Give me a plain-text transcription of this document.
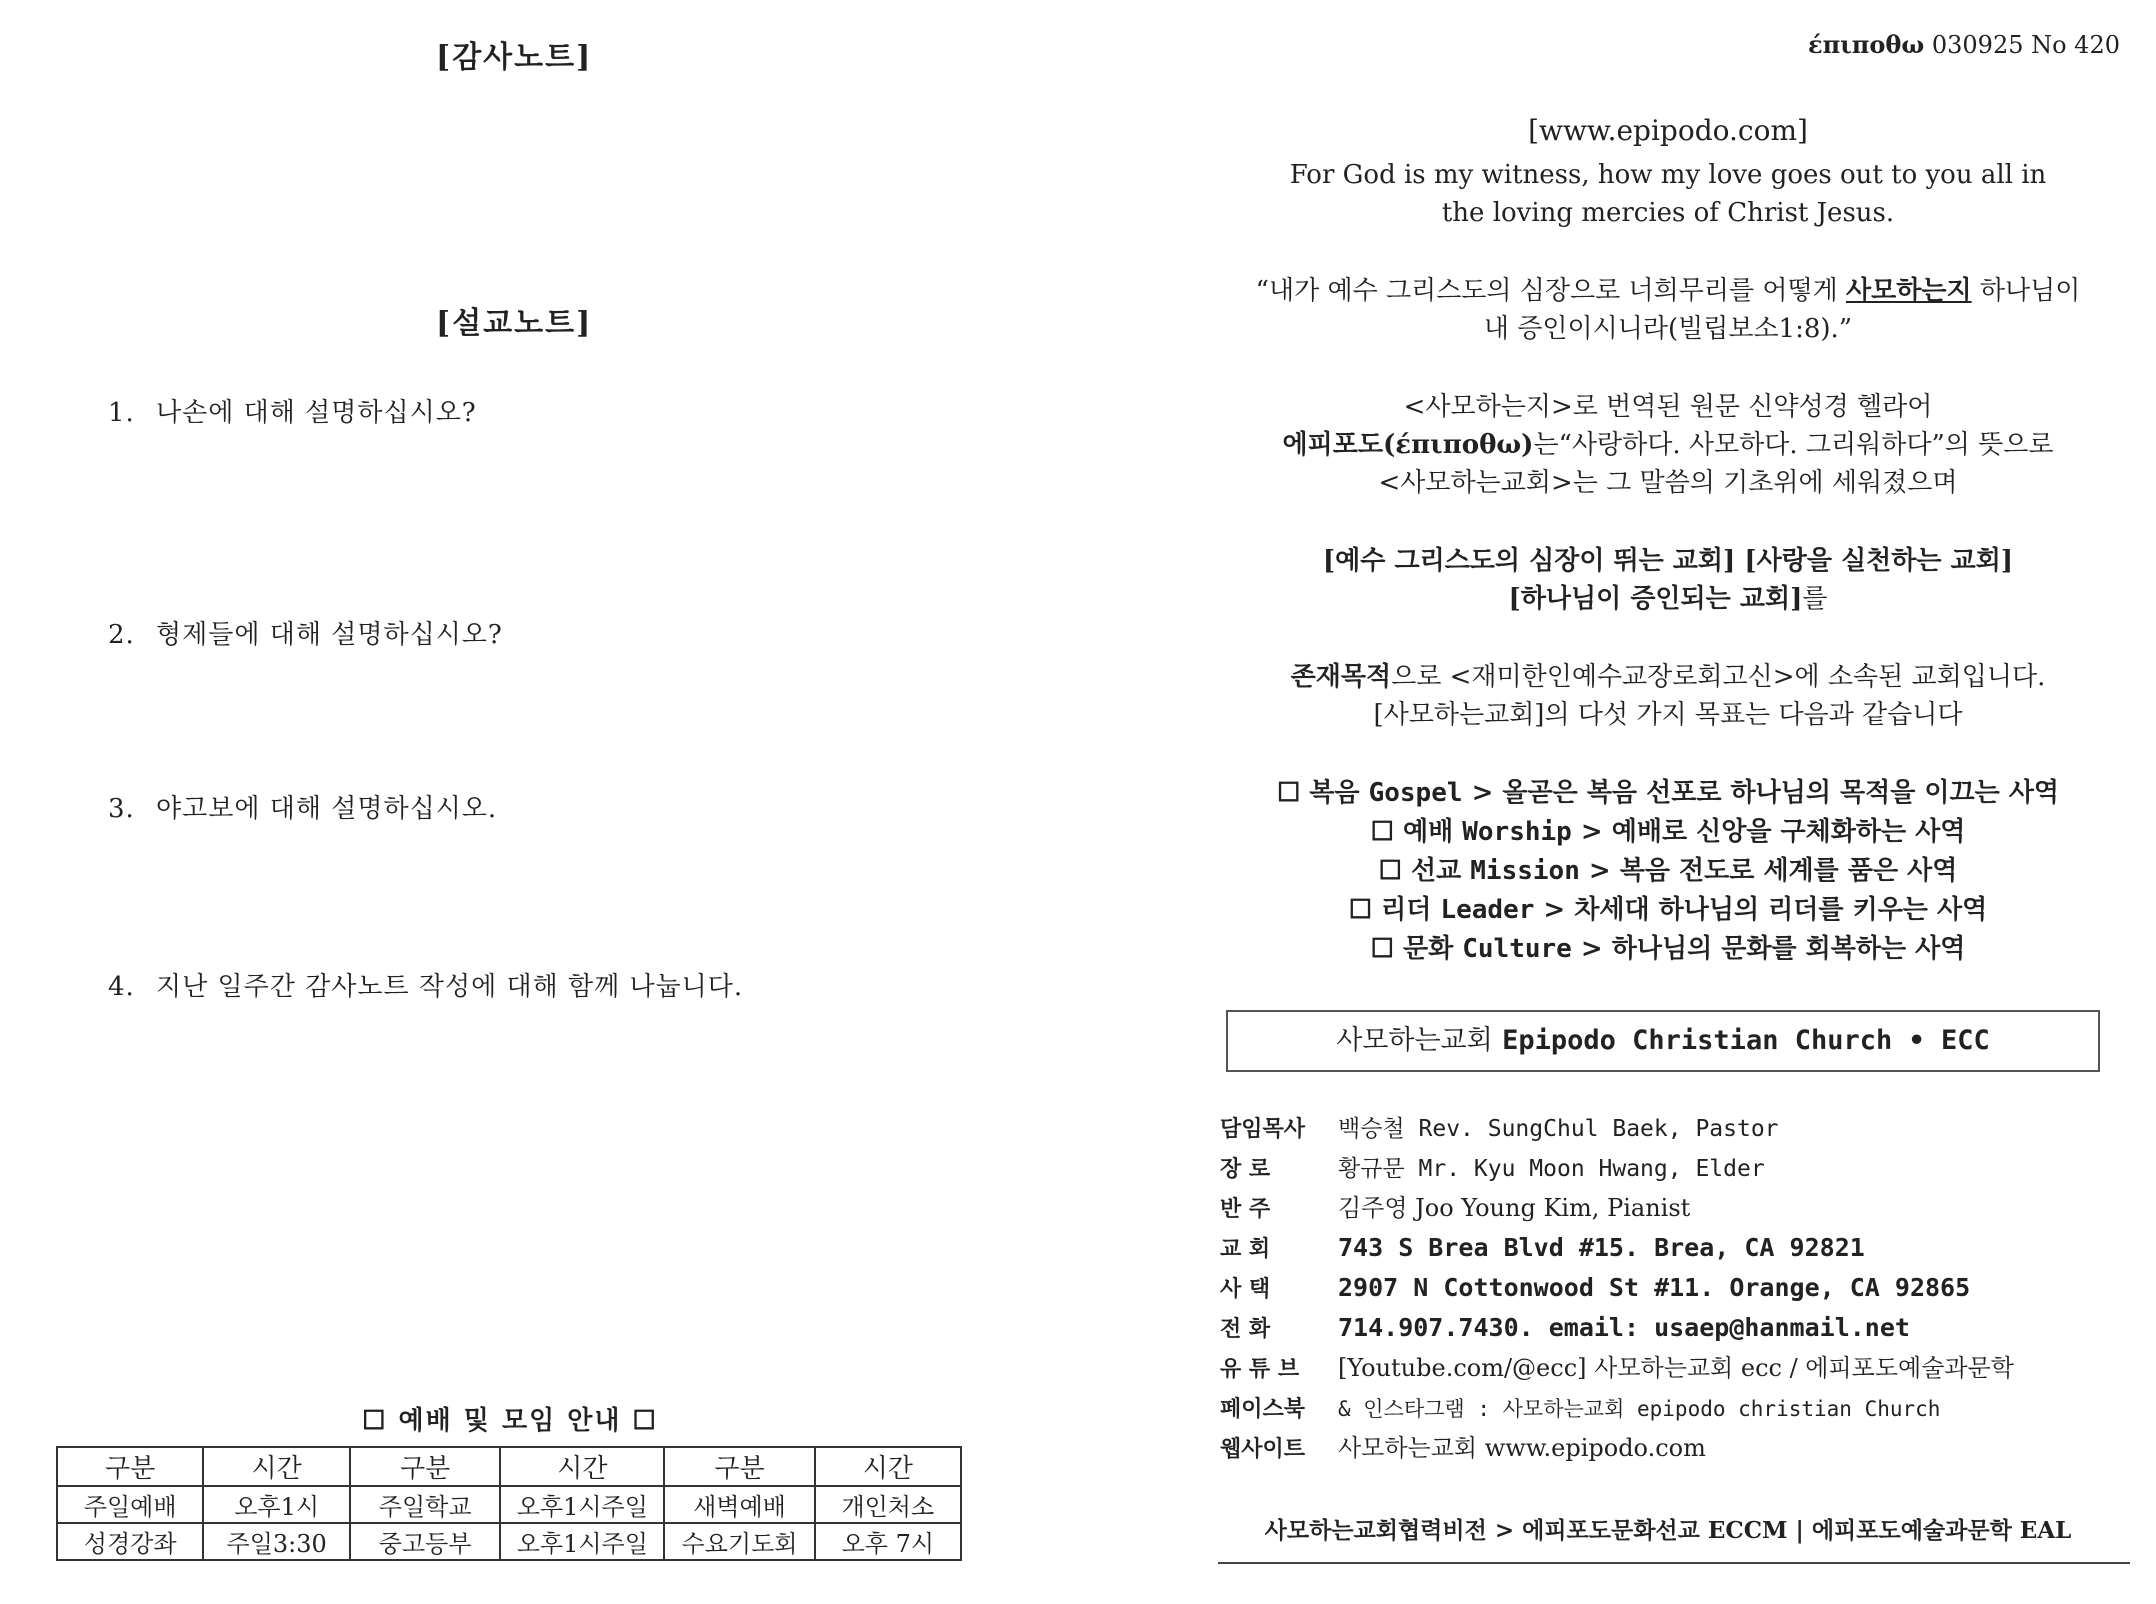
[감사노트]
[설교노트]
1. 나손에 대해 설명하십시오?
2. 형제들에 대해 설명하십시오?
3. 야고보에 대해 설명하십시오.
4. 지난 일주간 감사노트 작성에 대해 함께 나눕니다.
☐ 예배 및 모임 안내 ☐
구분	시간	구분	시간	구분	시간
주일예배	오후1시	주일학교	오후1시주일	새벽예배	개인처소
성경강좌	주일3:30	중고등부	오후1시주일	수요기도회	오후 7시
έπιποθω 030925 No 420
[www.epipodo.com]
For God is my witness, how my love goes out to you all in
the loving mercies of Christ Jesus.
“내가 예수 그리스도의 심장으로 너희무리를 어떻게 사모하는지 하나님이
내 증인이시니라(빌립보소1:8).”
<사모하는지>로 번역된 원문 신약성경 헬라어
에피포도(έπιποθω)는“사랑하다. 사모하다. 그리워하다”의 뜻으로
<사모하는교회>는 그 말씀의 기초위에 세워졌으며
[예수 그리스도의 심장이 뛰는 교회] [사랑을 실천하는 교회]
[하나님이 증인되는 교회]를
존재목적으로 <재미한인예수교장로회고신>에 소속된 교회입니다.
[사모하는교회]의 다섯 가지 목표는 다음과 같습니다
☐ 복음 Gospel > 올곧은 복음 선포로 하나님의 목적을 이끄는 사역
☐ 예배 Worship > 예배로 신앙을 구체화하는 사역
☐ 선교 Mission > 복음 전도로 세계를 품은 사역
☐ 리더 Leader > 차세대 하나님의 리더를 키우는 사역
☐ 문화 Culture > 하나님의 문화를 회복하는 사역
사모하는교회 Epipodo Christian Church • ECC
담임목사 백승철 Rev. SungChul Baek, Pastor
장 로	황규문 Mr. Kyu Moon Hwang, Elder
반 주	김주영 Joo Young Kim, Pianist
교 회	743 S Brea Blvd #15. Brea, CA 92821
사 택	2907 N Cottonwood St #11. Orange, CA 92865
전 화	714.907.7430. email: usaep@hanmail.net
유 튜 브 [Youtube.com/@ecc] 사모하는교회 ecc / 에피포도예술과문학
페이스북 & 인스타그램 : 사모하는교회 epipodo christian Church
웹사이트 사모하는교회 www.epipodo.com
사모하는교회협력비전 > 에피포도문화선교 ECCM | 에피포도예술과문학 EAL
